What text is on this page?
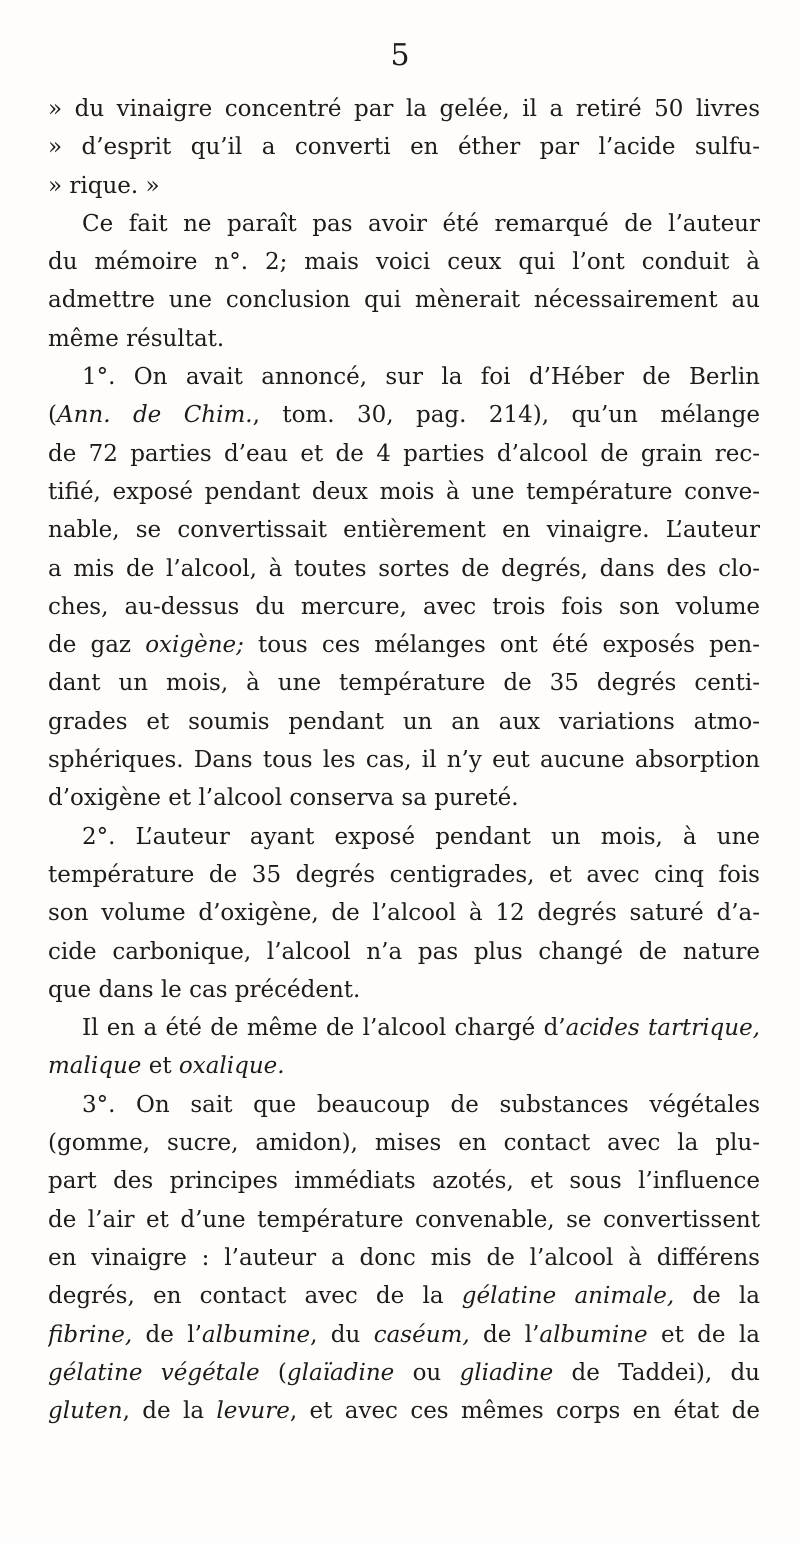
5
» du vinaigre concentré par la gelée, il a retiré 50 livres
» d’esprit qu’il a converti en éther par l’acide sulfu-
» rique. »
Ce fait ne paraît pas avoir été remarqué de l’auteur
du mémoire n°. 2; mais voici ceux qui l’ont conduit à
admettre une conclusion qui mènerait nécessairement au
même résultat.
1°. On avait annoncé, sur la foi d’Héber de Berlin
(Ann. de Chim., tom. 30, pag. 214), qu’un mélange
de 72 parties d’eau et de 4 parties d’alcool de grain rec-
tifié, exposé pendant deux mois à une température conve-
nable, se convertissait entièrement en vinaigre. L’auteur
a mis de l’alcool, à toutes sortes de degrés, dans des clo-
ches, au-dessus du mercure, avec trois fois son volume
de gaz oxigène; tous ces mélanges ont été exposés pen-
dant un mois, à une température de 35 degrés centi-
grades et soumis pendant un an aux variations atmo-
sphériques. Dans tous les cas, il n’y eut aucune absorption
d’oxigène et l’alcool conserva sa pureté.
2°. L’auteur ayant exposé pendant un mois, à une
température de 35 degrés centigrades, et avec cinq fois
son volume d’oxigène, de l’alcool à 12 degrés saturé d’a-
cide carbonique, l’alcool n’a pas plus changé de nature
que dans le cas précédent.
Il en a été de même de l’alcool chargé d’acides tartrique,
malique et oxalique.
3°. On sait que beaucoup de substances végétales
(gomme, sucre, amidon), mises en contact avec la plu-
part des principes immédiats azotés, et sous l’influence
de l’air et d’une température convenable, se convertissent
en vinaigre : l’auteur a donc mis de l’alcool à différens
degrés, en contact avec de la gélatine animale, de la
fibrine, de l’albumine, du caséum, de l’albumine et de la
gélatine végétale (glaïadine ou gliadine de Taddei), du
gluten, de la levure, et avec ces mêmes corps en état de
